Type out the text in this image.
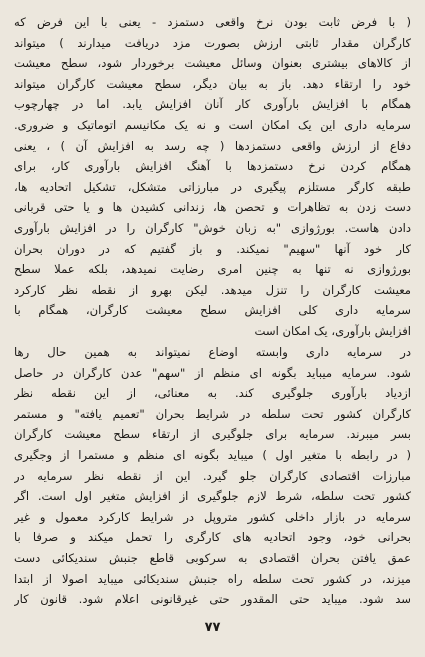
( با فرض ثابت بودن نرخ واقعی دستمزد - یعنی با این فرض که
کارگران مقدار ثابتی ارزش بصورت مزد دریافت میدارند ) میتواند
از کالاهای بیشتری بعنوان وسائل معیشت برخوردار شود، سطح معیشت
خود را ارتقاء دهد. باز به بیان دیگر، سطح معیشت کارگران میتواند
همگام با افزایش بارآوری کار آنان افزایش یابد. اما در چهارچوب
سرمایه داری این یک امکان است و نه یک مکانیسم اتوماتیک و ضروری.
دفاع از ارزش واقعی دستمزدها ( چه رسد به افزایش آن ) ، یعنی
همگام کردن نرخ دستمزدها با آهنگ افزایش بارآوری کار، برای
طبقه کارگر مستلزم پیگیری در مبارزاتی متشکل، تشکیل اتحادیه ها،
دست زدن به تظاهرات و تحصن ها، زندانی کشیدن ها و یا حتی قربانی
دادن هاست. بورژوازی "به زبان خوش" کارگران را در افزایش بارآوری
کار خود آنها "سهیم" نمیکند. و باز گفتیم که در دوران بحران
بورژوازی نه تنها به چنین امری رضایت نمیدهد، بلکه عملا سطح
معیشت کارگران را تنزل میدهد. لیکن بهرو از نقطه نظر کارکرد
سرمایه داری کلی افزایش سطح معیشت کارگران، همگام با
افزایش بارآوری، یک امکان است
در سرمایه داری وابسته اوضاع نمیتواند به همین حال رها
شود. سرمایه میباید بگونه ای منظم از "سهم" عدن کارگران در حاصل
ازدیاد بارآوری جلوگیری کند. به معنائی، از این نقطه نظر
کارگران کشور تحت سلطه در شرایط بحران "تعمیم یافته" و مستمر
بسر میبرند. سرمایه برای جلوگیری از ارتقاء سطح معیشت کارگران
( در رابطه با متغیر اول ) میباید بگونه ای منظم و مستمرا از وجگیری
مبارزات اقتصادی کارگران جلو گیرد. این از نقطه نظر سرمایه در
کشور تحت سلطه، شرط لازم جلوگیری از افزایش متغیر اول است. اگر
سرمایه در بازار داخلی کشور متروپل در شرایط کارکرد معمول و غیر
بحرانی خود، وجود اتحادیه های کارگری را تحمل میکند و صرفا با
عمق یافتن بحران اقتصادی به سرکوبی قاطع جنبش سندیکائی دست
میزند، در کشور تحت سلطه راه جنبش سندیکائی میباید اصولا از ابتدا
سد شود. میباید حتی المقدور حتی غیرقانونی اعلام شود. قانون کار
۷۷
